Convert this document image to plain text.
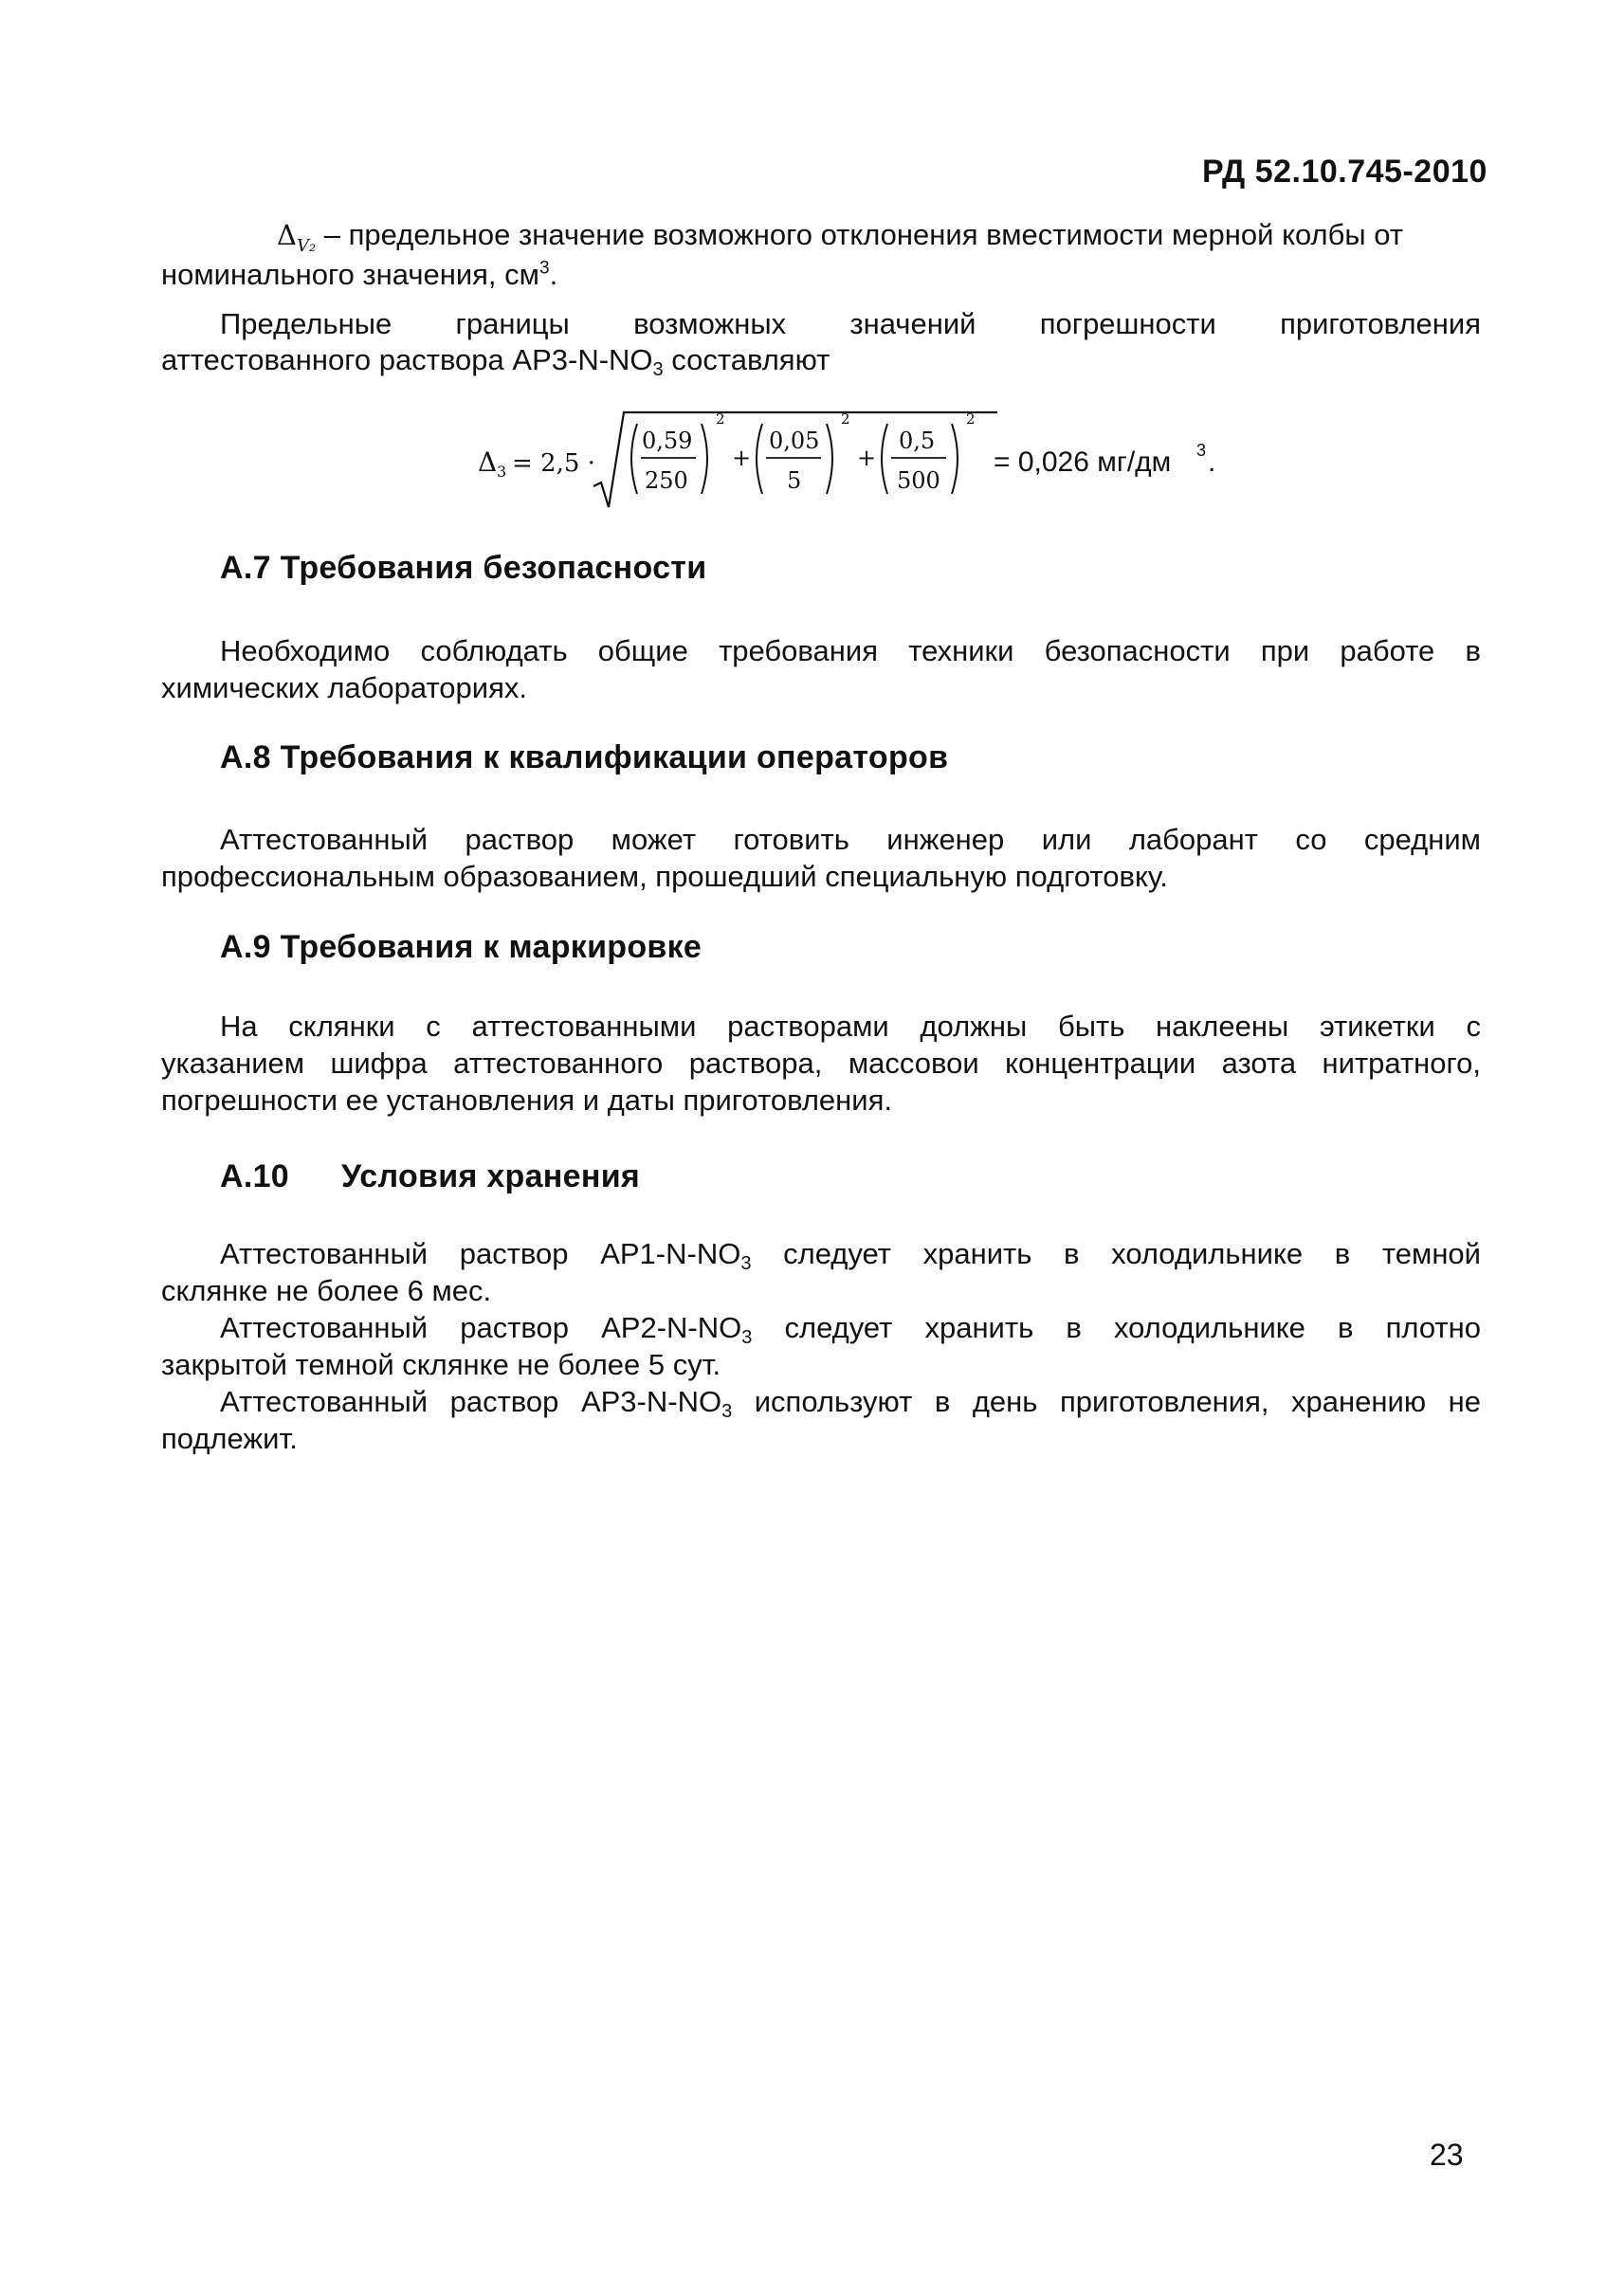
РД 52.10.745-2010
$\Delta_{V_2}$ – предельное значение возможного отклонения вместимости мерной колбы от
номинального значения, $см^3$.
Предельные границы возможных значений погрешности приготовления
аттестованного раствора $АР3-N-NO_3$ составляют
Δ 3 = 2,5 ·
0,59
250
2
+
0,05
5
2
+
0,5
500
2
= 0,026 мг/дм 3 .
А.7 Требования безопасности
Необходимо соблюдать общие требования техники безопасности при работе в
химических лабораториях.
А.8 Требования к квалификации операторов
Аттестованный раствор может готовить инженер или лаборант со средним
профессиональным образованием, прошедший специальную подготовку.
А.9 Требования к маркировке
На склянки с аттестованными растворами должны быть наклеены этикетки с
указанием шифра аттестованного раствора, массовои концентрации азота нитратного,
погрешности ее установления и даты приготовления.
А.10 Условия хранения
Аттестованный раствор $АР1-N-NO_3$ следует хранить в холодильнике в темной
склянке не более 6 мес.
Аттестованный раствор $АР2-N-NO_3$ следует хранить в холодильнике в плотно
закрытой темной склянке не более 5 сут.
Аттестованный раствор $АР3-N-NO_3$ используют в день приготовления, хранению не
подлежит.
23
